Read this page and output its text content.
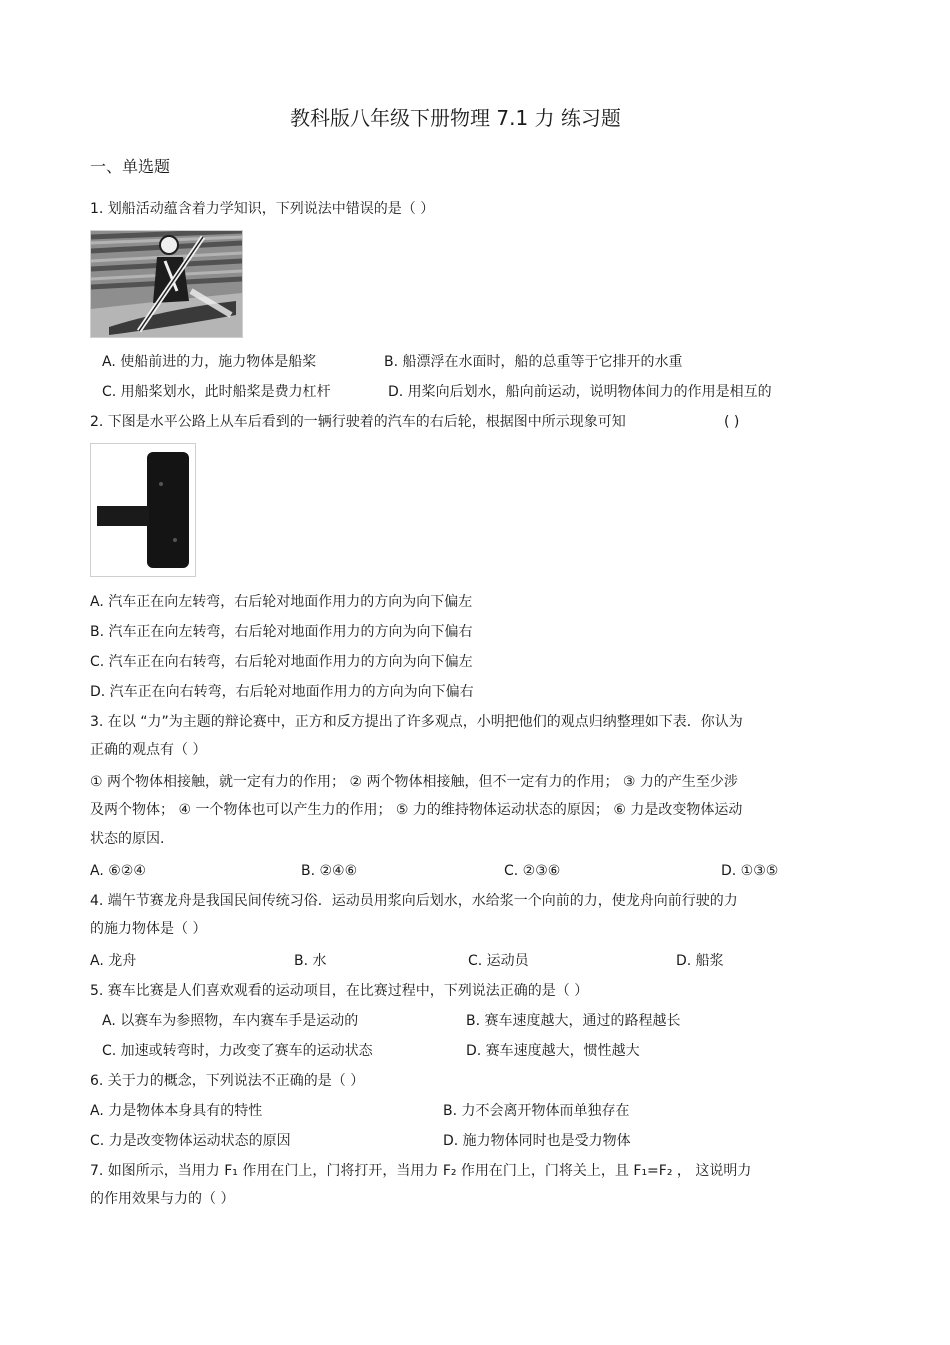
教科版八年级下册物理 7.1 力 练习题
一、单选题
1. 划船活动蕴含着力学知识，下列说法中错误的是（ ）
A. 使船前进的力，施力物体是船桨	B. 船漂浮在水面时，船的总重等于它排开的水重
C. 用船桨划水，此时船桨是费力杠杆	D. 用桨向后划水，船向前运动，说明物体间力的作用是相互的
2. 下图是水平公路上从车后看到的一辆行驶着的汽车的右后轮，根据图中所示现象可知	( )
A. 汽车正在向左转弯，右后轮对地面作用力的方向为向下偏左
B. 汽车正在向左转弯，右后轮对地面作用力的方向为向下偏右
C. 汽车正在向右转弯，右后轮对地面作用力的方向为向下偏左
D. 汽车正在向右转弯，右后轮对地面作用力的方向为向下偏右
3. 在以 “力”为主题的辩论赛中，正方和反方提出了许多观点，小明把他们的观点归纳整理如下表．你认为
正确的观点有（ ）
① 两个物体相接触，就一定有力的作用； ② 两个物体相接触，但不一定有力的作用； ③ 力的产生至少涉
及两个物体； ④ 一个物体也可以产生力的作用； ⑤ 力的维持物体运动状态的原因； ⑥ 力是改变物体运动
状态的原因.
A. ⑥②④	B. ②④⑥	C. ②③⑥	D. ①③⑤
4. 端午节赛龙舟是我国民间传统习俗．运动员用浆向后划水，水给浆一个向前的力，使龙舟向前行驶的力
的施力物体是（ ）
A. 龙舟	B. 水	C. 运动员	D. 船浆
5. 赛车比赛是人们喜欢观看的运动项目，在比赛过程中，下列说法正确的是（ ）
A. 以赛车为参照物，车内赛车手是运动的	B. 赛车速度越大，通过的路程越长
C. 加速或转弯时，力改变了赛车的运动状态	D. 赛车速度越大，惯性越大
6. 关于力的概念，下列说法不正确的是（ ）
A. 力是物体本身具有的特性	B. 力不会离开物体而单独存在
C. 力是改变物体运动状态的原因	D. 施力物体同时也是受力物体
7. 如图所示，当用力 F₁ 作用在门上，门将打开，当用力 F₂ 作用在门上，门将关上，且 F₁=F₂ ， 这说明力
的作用效果与力的（ ）
